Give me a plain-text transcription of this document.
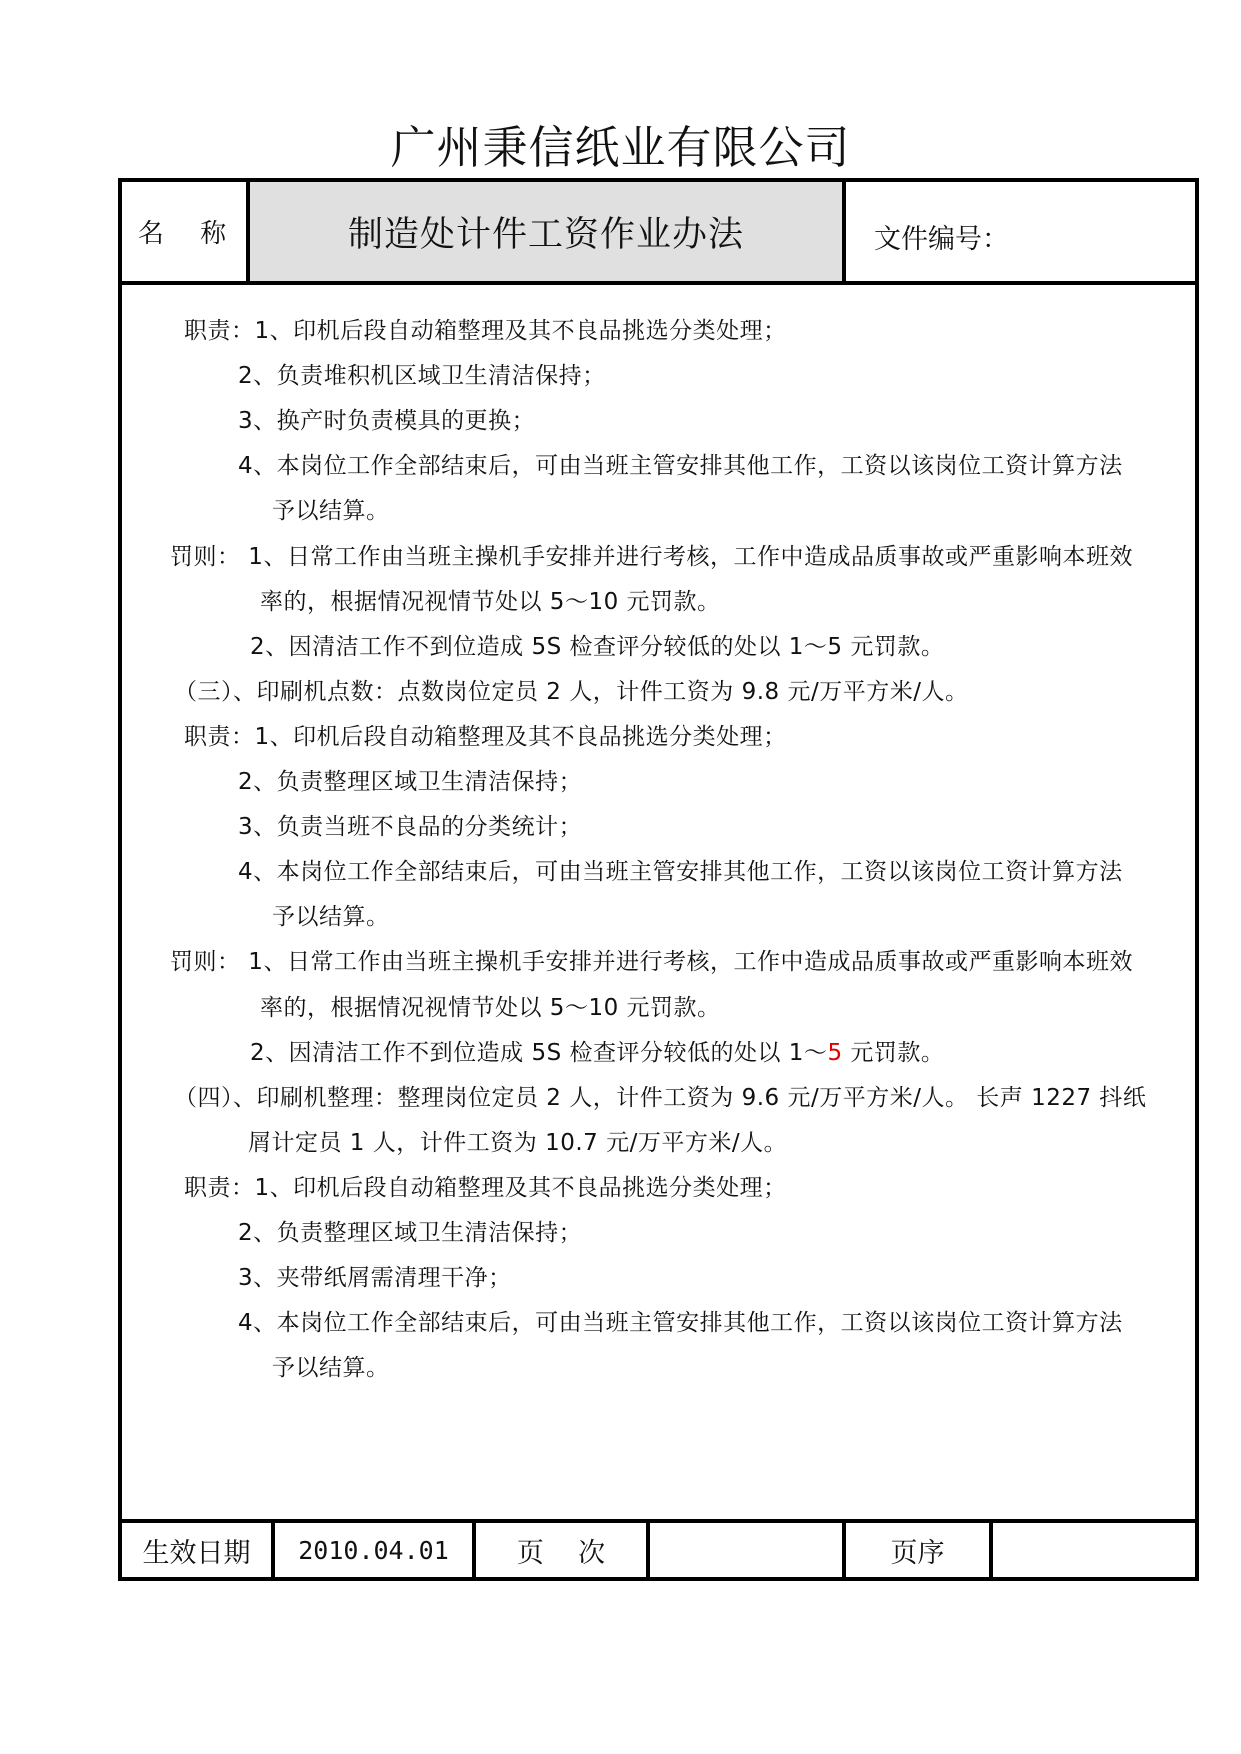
广州秉信纸业有限公司
名 称	制造处计件工资作业办法	文件编号：
职责：1、印机后段自动箱整理及其不良品挑选分类处理；
2、负责堆积机区域卫生清洁保持；
3、换产时负责模具的更换；
4、本岗位工作全部结束后，可由当班主管安排其他工作，工资以该岗位工资计算方法
予以结算。
罚则： 1、日常工作由当班主操机手安排并进行考核，工作中造成品质事故或严重影响本班效
率的，根据情况视情节处以 5～10 元罚款。
2、因清洁工作不到位造成 5S 检查评分较低的处以 1～5 元罚款。
（三）、印刷机点数：点数岗位定员 2 人，计件工资为 9.8 元/万平方米/人。
职责：1、印机后段自动箱整理及其不良品挑选分类处理；
2、负责整理区域卫生清洁保持；
3、负责当班不良品的分类统计；
4、本岗位工作全部结束后，可由当班主管安排其他工作，工资以该岗位工资计算方法
予以结算。
罚则： 1、日常工作由当班主操机手安排并进行考核，工作中造成品质事故或严重影响本班效
率的，根据情况视情节处以 5～10 元罚款。
2、因清洁工作不到位造成 5S 检查评分较低的处以 1～5 元罚款。
（四）、印刷机整理：整理岗位定员 2 人，计件工资为 9.6 元/万平方米/人。 长声 1227 抖纸
屑计定员 1 人，计件工资为 10.7 元/万平方米/人。
职责：1、印机后段自动箱整理及其不良品挑选分类处理；
2、负责整理区域卫生清洁保持；
3、夹带纸屑需清理干净；
4、本岗位工作全部结束后，可由当班主管安排其他工作，工资以该岗位工资计算方法
予以结算。
生效日期	2010.04.01	页    次	页序
